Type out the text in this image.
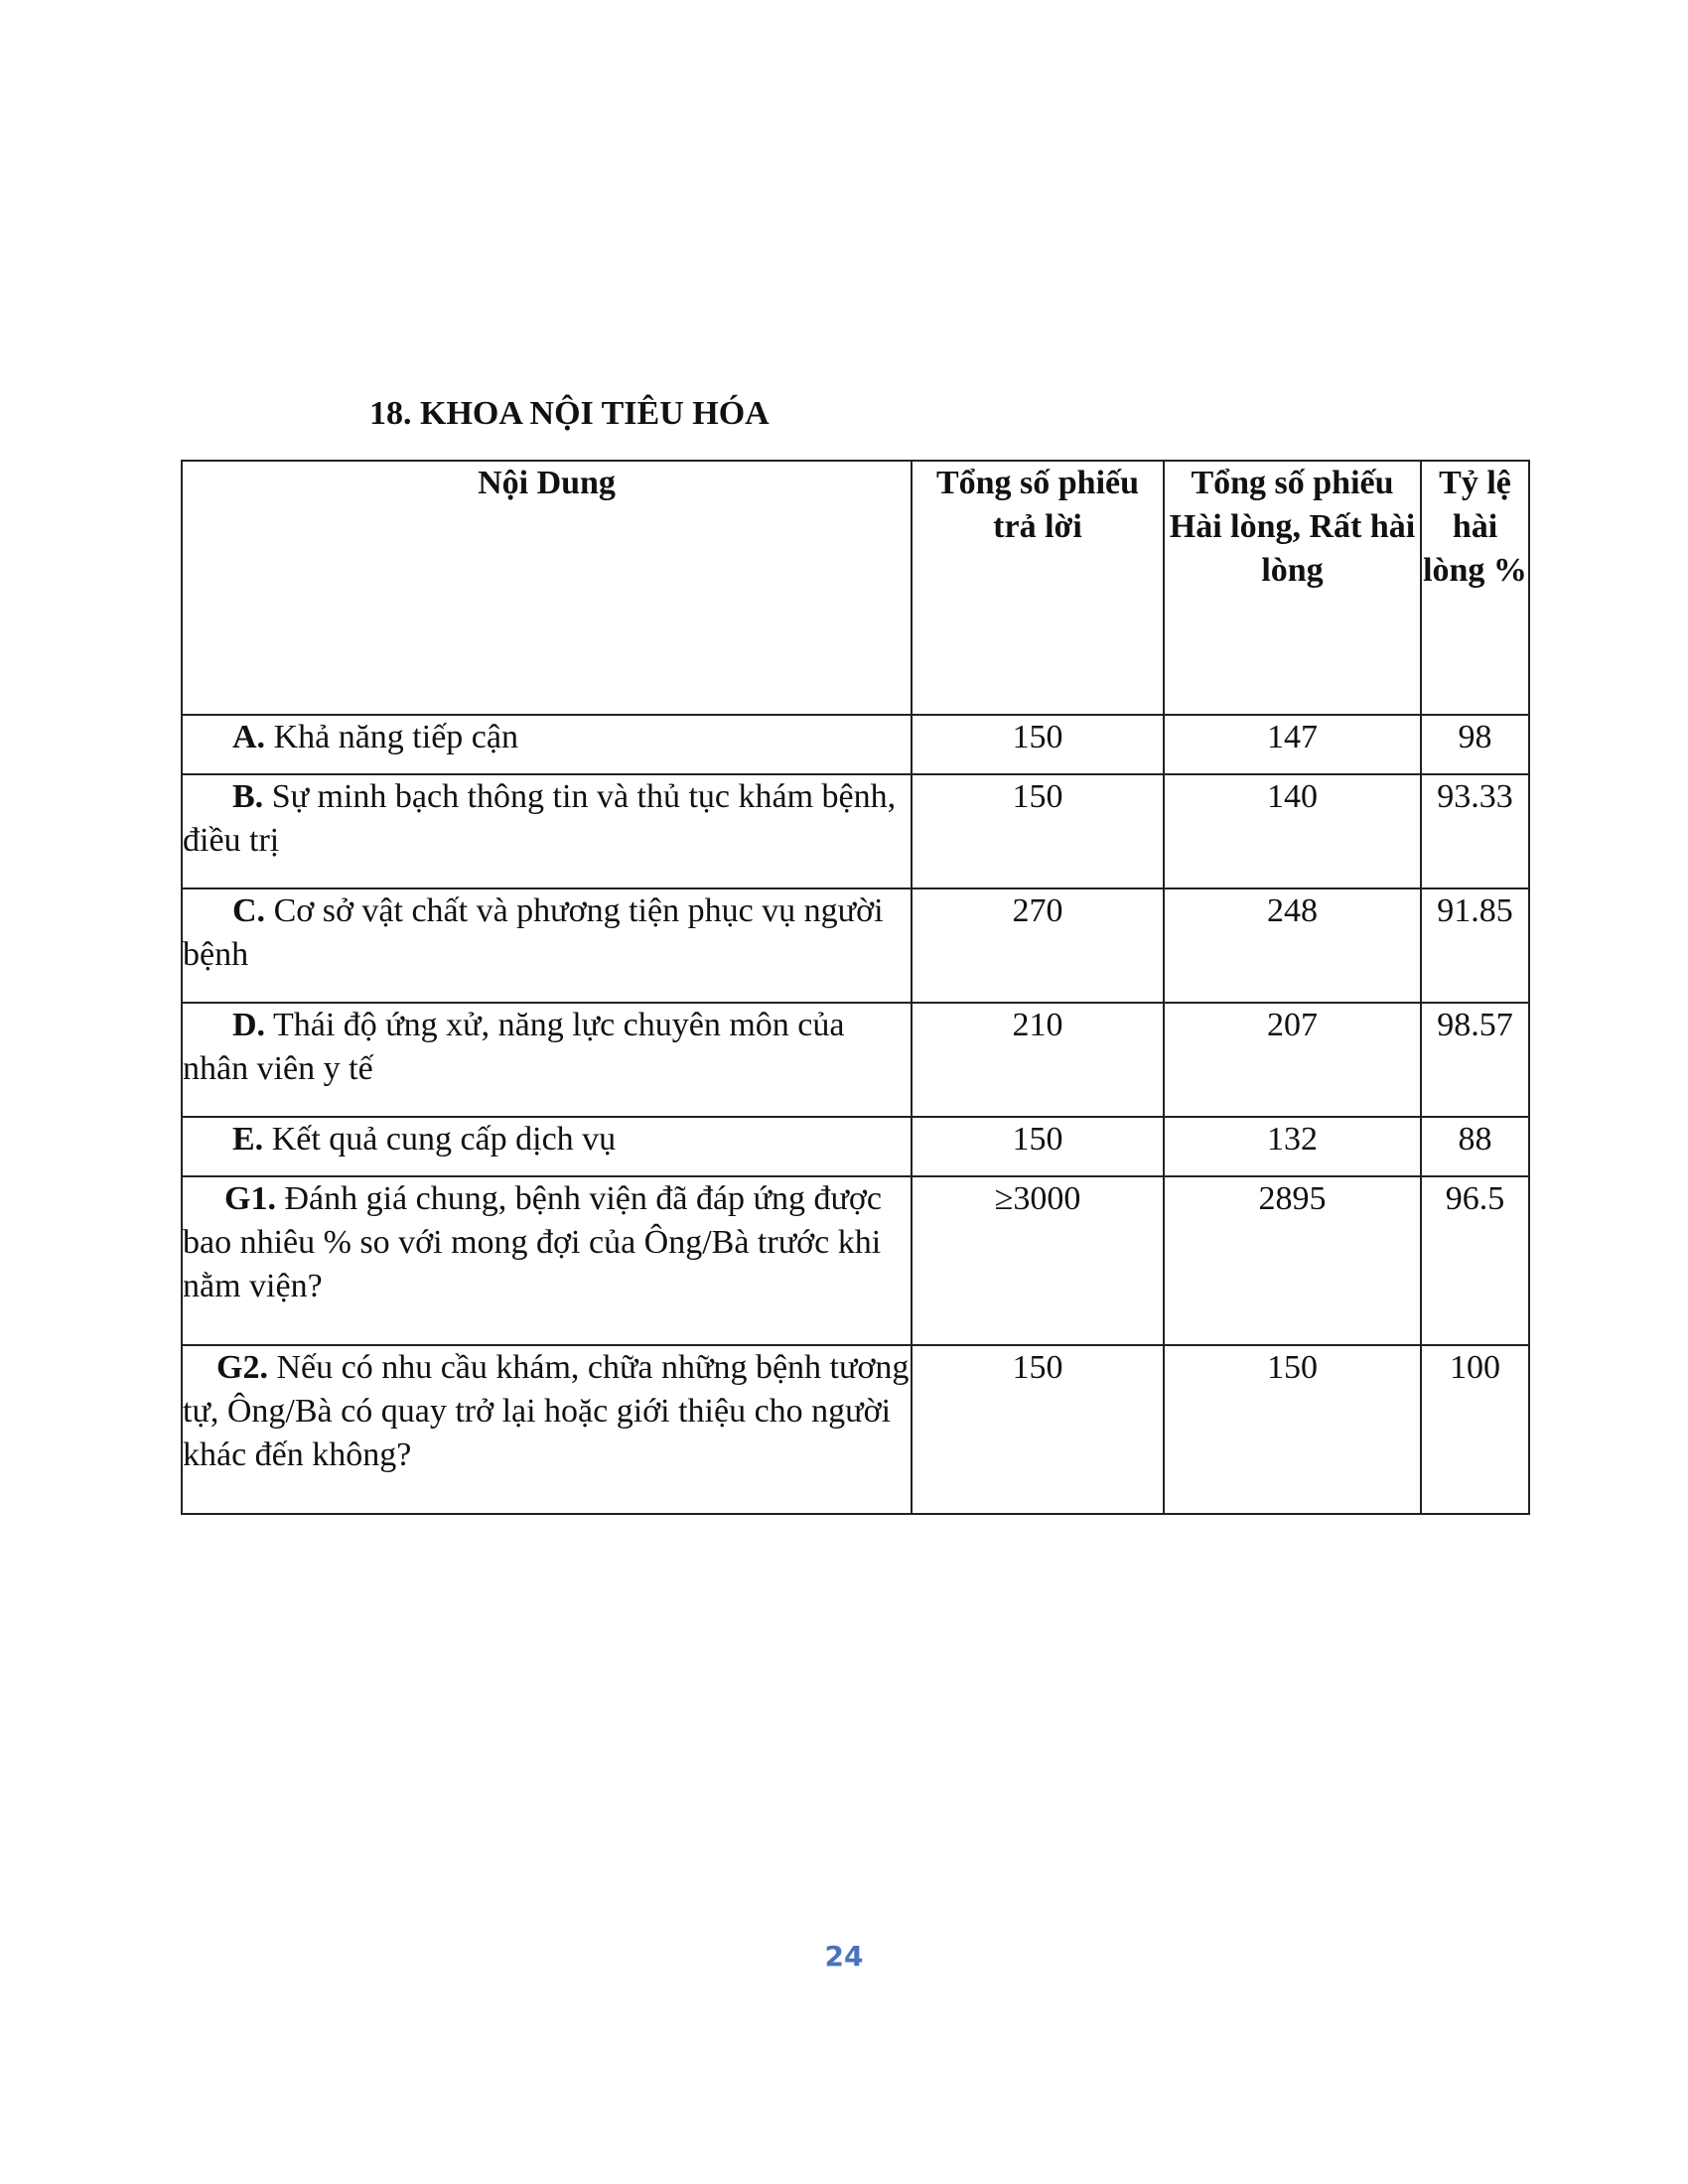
18. KHOA NỘI TIÊU HÓA
Nội Dung	Tổng số phiếu trả lời	Tổng số phiếu Hài lòng, Rất hài lòng	Tỷ lệ hài lòng %

A. Khả năng tiếp cận	150	147	98
B. Sự minh bạch thông tin và thủ tục khám bệnh, điều trị	150	140	93.33
C. Cơ sở vật chất và phương tiện phục vụ người bệnh	270	248	91.85
D. Thái độ ứng xử, năng lực chuyên môn của nhân viên y tế	210	207	98.57
E. Kết quả cung cấp dịch vụ	150	132	88
G1. Đánh giá chung, bệnh viện đã đáp ứng được bao nhiêu % so với mong đợi của Ông/Bà trước khi nằm viện?	≥3000	2895	96.5
G2. Nếu có nhu cầu khám, chữa những bệnh tương tự, Ông/Bà có quay trở lại hoặc giới thiệu cho người khác đến không?	150	150	100
24
